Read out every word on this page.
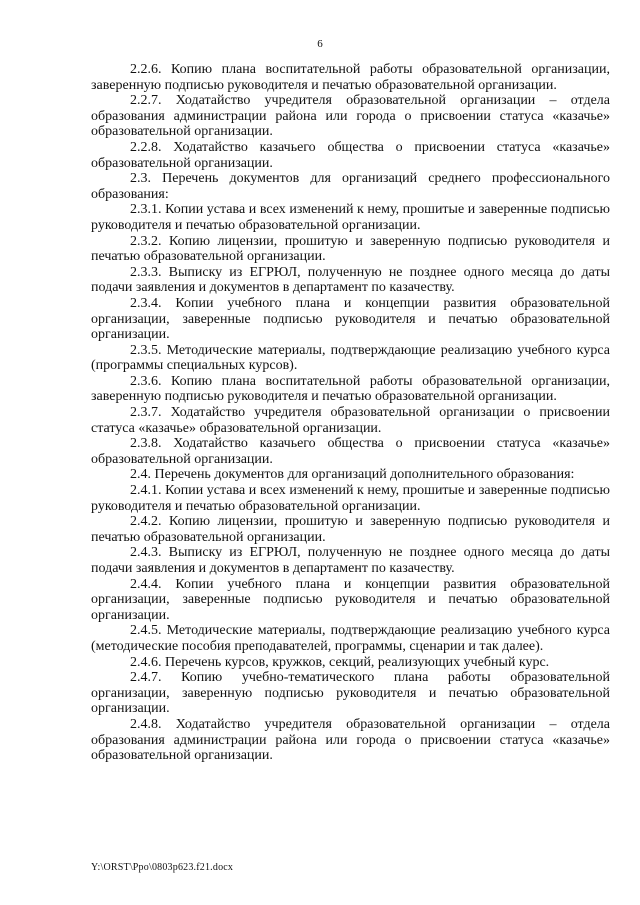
6

2.2.6. Копию плана воспитательной работы образовательной организации, заверенную подписью руководителя и печатью образовательной организации.

2.2.7. Ходатайство учредителя образовательной организации – отдела образования администрации района или города о присвоении статуса «казачье» образовательной организации.

2.2.8. Ходатайство казачьего общества о присвоении статуса «казачье» образовательной организации.

2.3. Перечень документов для организаций среднего профессионального образования:

2.3.1. Копии устава и всех изменений к нему, прошитые и заверенные подписью руководителя и печатью образовательной организации.

2.3.2. Копию лицензии, прошитую и заверенную подписью руководителя и печатью образовательной организации.

2.3.3. Выписку из ЕГРЮЛ, полученную не позднее одного месяца до даты подачи заявления и документов в департамент по казачеству.

2.3.4. Копии учебного плана и концепции развития образовательной организации, заверенные подписью руководителя и печатью образовательной организации.

2.3.5. Методические материалы, подтверждающие реализацию учебного курса (программы специальных курсов).

2.3.6. Копию плана воспитательной работы образовательной организации, заверенную подписью руководителя и печатью образовательной организации.

2.3.7. Ходатайство учредителя образовательной организации о присвоении статуса «казачье» образовательной организации.

2.3.8. Ходатайство казачьего общества о присвоении статуса «казачье» образовательной организации.

2.4. Перечень документов для организаций дополнительного образования:

2.4.1. Копии устава и всех изменений к нему, прошитые и заверенные подписью руководителя и печатью образовательной организации.

2.4.2. Копию лицензии, прошитую и заверенную подписью руководителя и печатью образовательной организации.

2.4.3. Выписку из ЕГРЮЛ, полученную не позднее одного месяца до даты подачи заявления и документов в департамент по казачеству.

2.4.4. Копии учебного плана и концепции развития образовательной организации, заверенные подписью руководителя и печатью образовательной организации.

2.4.5. Методические материалы, подтверждающие реализацию учебного курса (методические пособия преподавателей, программы, сценарии и так далее).

2.4.6. Перечень курсов, кружков, секций, реализующих учебный курс.

2.4.7. Копию учебно-тематического плана работы образовательной организации, заверенную подписью руководителя и печатью образовательной организации.

2.4.8. Ходатайство учредителя образовательной организации – отдела образования администрации района или города о присвоении статуса «казачье» образовательной организации.

Y:\ORST\Ppo\0803p623.f21.docx
